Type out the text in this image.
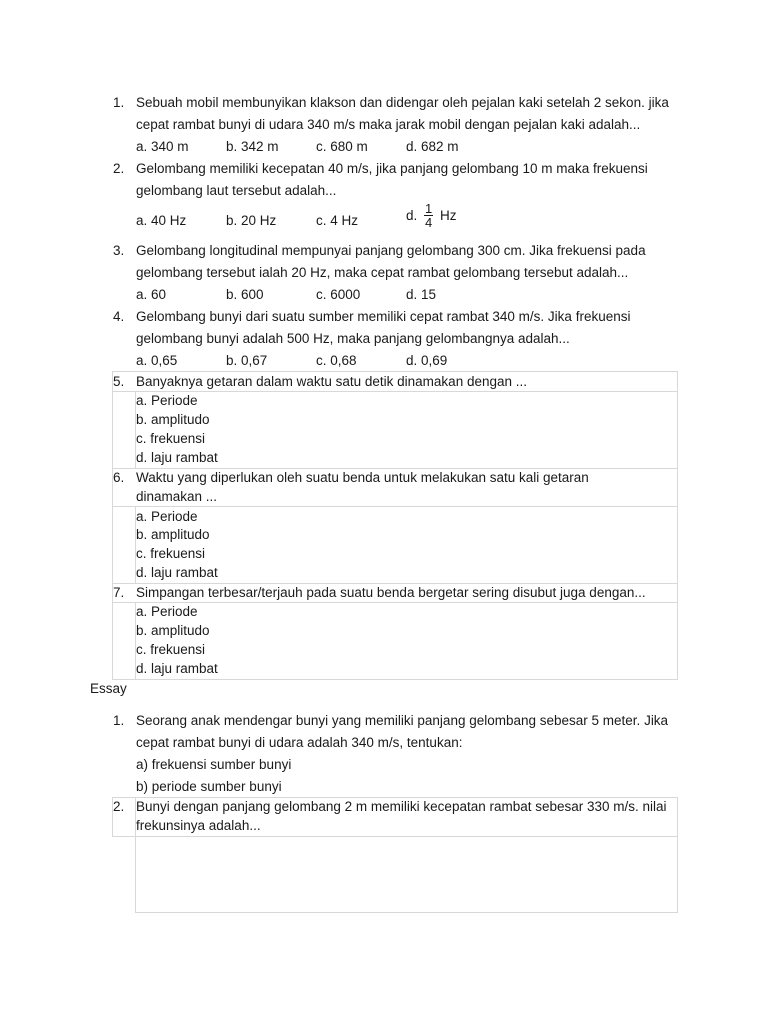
1. Sebuah mobil membunyikan klakson dan didengar oleh pejalan kaki setelah 2 sekon. jika
cepat rambat bunyi di udara 340 m/s maka jarak mobil dengan pejalan kaki adalah...
a. 340 m	b. 342 m	c. 680 m	d. 682 m
2. Gelombang memiliki kecepatan 40 m/s, jika panjang gelombang 10 m maka frekuensi
gelombang laut tersebut adalah...
a. 40 Hz	b. 20 Hz	c. 4 Hz	d. $\frac{1}{4}$ Hz
3. Gelombang longitudinal mempunyai panjang gelombang 300 cm. Jika frekuensi pada
gelombang tersebut ialah 20 Hz, maka cepat rambat gelombang tersebut adalah...
a. 60	b. 600	c. 6000	d. 15
4. Gelombang bunyi dari suatu sumber memiliki cepat rambat 340 m/s. Jika frekuensi
gelombang bunyi adalah 500 Hz, maka panjang gelombangnya adalah...
a. 0,65	b. 0,67	c. 0,68	d. 0,69
5. Banyaknya getaran dalam waktu satu detik dinamakan dengan ...
a. Periode
b. amplitudo
c. frekuensi
d. laju rambat
6. Waktu yang diperlukan oleh suatu benda untuk melakukan satu kali getaran
dinamakan ...
a. Periode
b. amplitudo
c. frekuensi
d. laju rambat
7. Simpangan terbesar/terjauh pada suatu benda bergetar sering disubut juga dengan...
a. Periode
b. amplitudo
c. frekuensi
d. laju rambat
Essay
1. Seorang anak mendengar bunyi yang memiliki panjang gelombang sebesar 5 meter. Jika
cepat rambat bunyi di udara adalah 340 m/s, tentukan:
a) frekuensi sumber bunyi
b) periode sumber bunyi
2. Bunyi dengan panjang gelombang 2 m memiliki kecepatan rambat sebesar 330 m/s. nilai
frekunsinya adalah...
